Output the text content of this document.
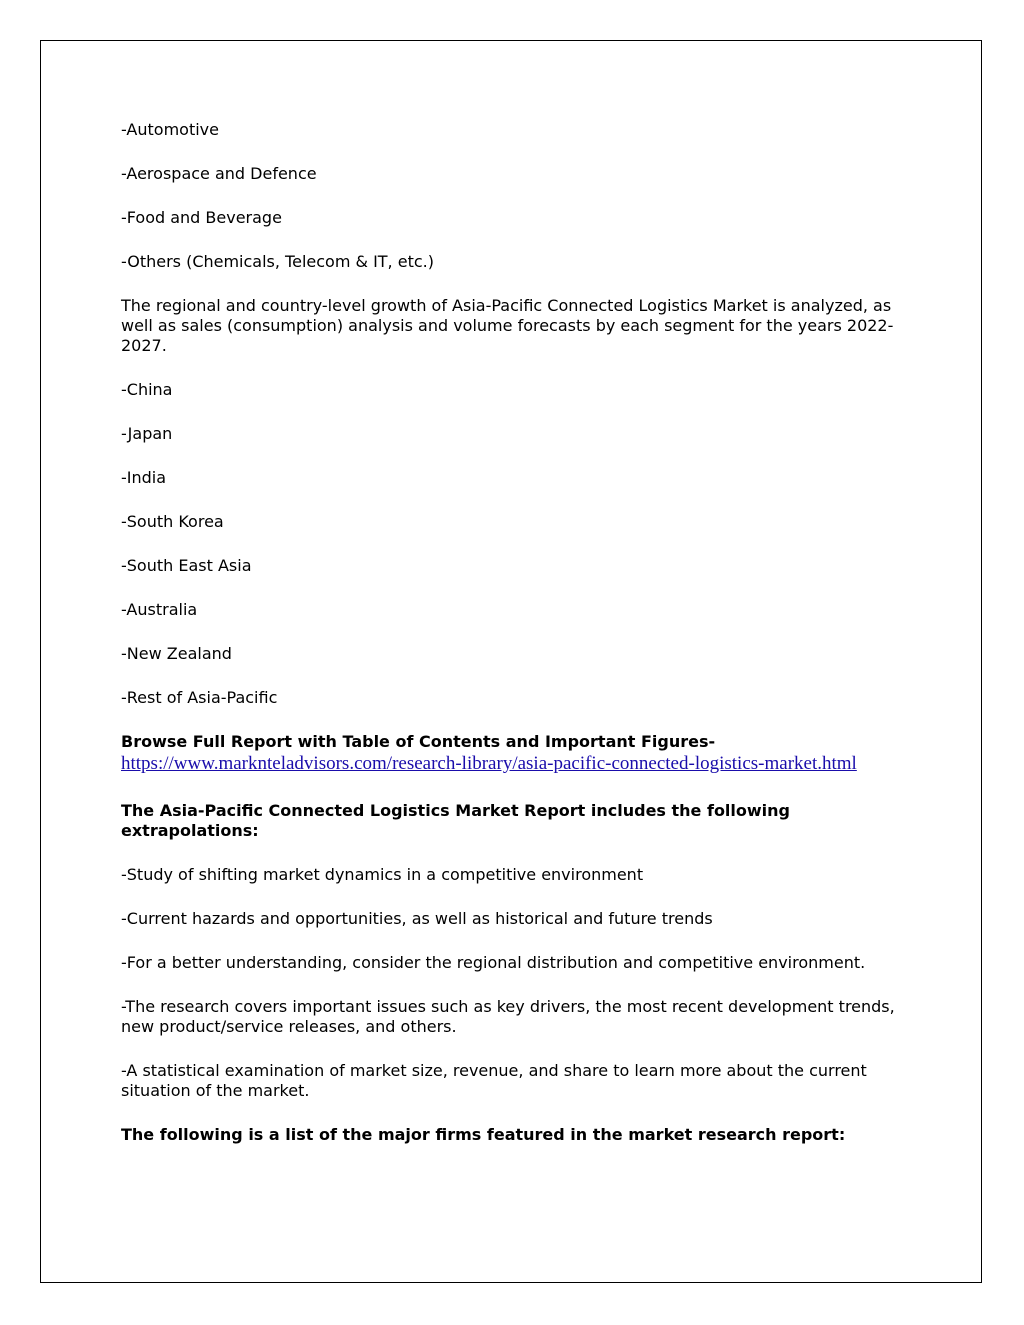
-Automotive

-Aerospace and Defence

-Food and Beverage

-Others (Chemicals, Telecom & IT, etc.)

The regional and country-level growth of Asia-Pacific Connected Logistics Market is analyzed, as well as sales (consumption) analysis and volume forecasts by each segment for the years 2022-2027.

-China

-Japan

-India

-South Korea

-South East Asia

-Australia

-New Zealand

-Rest of Asia-Pacific

Browse Full Report with Table of Contents and Important Figures- https://www.marknteladvisors.com/research-library/asia-pacific-connected-logistics-market.html

The Asia-Pacific Connected Logistics Market Report includes the following extrapolations:

-Study of shifting market dynamics in a competitive environment

-Current hazards and opportunities, as well as historical and future trends

-For a better understanding, consider the regional distribution and competitive environment.

-The research covers important issues such as key drivers, the most recent development trends, new product/service releases, and others.

-A statistical examination of market size, revenue, and share to learn more about the current situation of the market.

The following is a list of the major firms featured in the market research report:
